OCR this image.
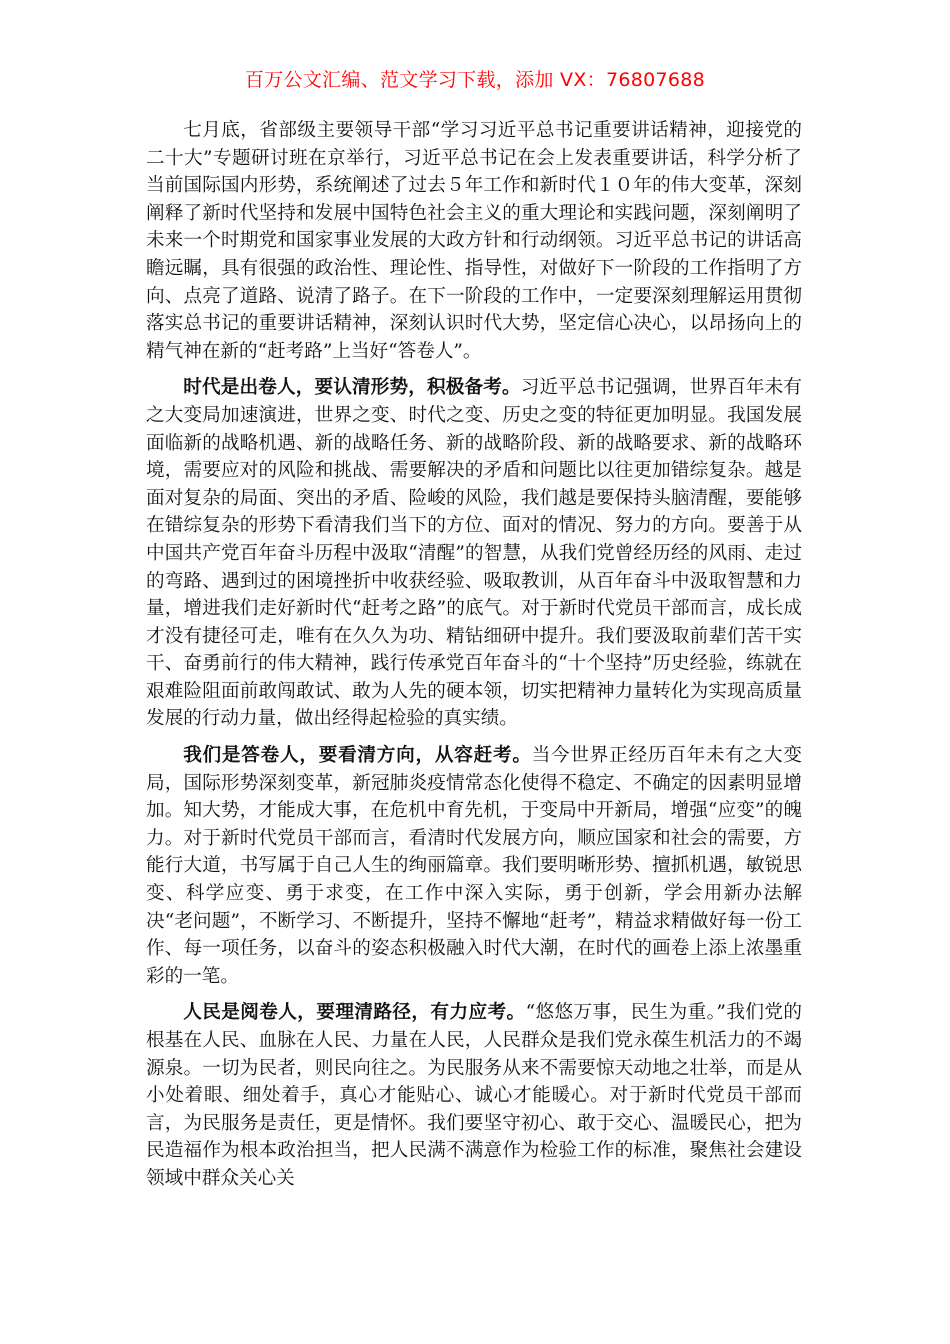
百万公文汇编、范文学习下载，添加 VX：76807688

七月底，省部级主要领导干部“学习习近平总书记重要讲话精神，迎接党的二十大”专题研讨班在京举行，习近平总书记在会上发表重要讲话，科学分析了当前国际国内形势，系统阐述了过去５年工作和新时代１０年的伟大变革，深刻阐释了新时代坚持和发展中国特色社会主义的重大理论和实践问题，深刻阐明了未来一个时期党和国家事业发展的大政方针和行动纲领。习近平总书记的讲话高瞻远瞩，具有很强的政治性、理论性、指导性，对做好下一阶段的工作指明了方向、点亮了道路、说清了路子。在下一阶段的工作中，一定要深刻理解运用贯彻落实总书记的重要讲话精神，深刻认识时代大势，坚定信心决心，以昂扬向上的精气神在新的“赶考路”上当好“答卷人”。

时代是出卷人，要认清形势，积极备考。习近平总书记强调，世界百年未有之大变局加速演进，世界之变、时代之变、历史之变的特征更加明显。我国发展面临新的战略机遇、新的战略任务、新的战略阶段、新的战略要求、新的战略环境，需要应对的风险和挑战、需要解决的矛盾和问题比以往更加错综复杂。越是面对复杂的局面、突出的矛盾、险峻的风险，我们越是要保持头脑清醒，要能够在错综复杂的形势下看清我们当下的方位、面对的情况、努力的方向。要善于从中国共产党百年奋斗历程中汲取“清醒”的智慧，从我们党曾经历经的风雨、走过的弯路、遇到过的困境挫折中收获经验、吸取教训，从百年奋斗中汲取智慧和力量，增进我们走好新时代“赶考之路”的底气。对于新时代党员干部而言，成长成才没有捷径可走，唯有在久久为功、精钻细研中提升。我们要汲取前辈们苦干实干、奋勇前行的伟大精神，践行传承党百年奋斗的“十个坚持”历史经验，练就在艰难险阻面前敢闯敢试、敢为人先的硬本领，切实把精神力量转化为实现高质量发展的行动力量，做出经得起检验的真实绩。

我们是答卷人，要看清方向，从容赶考。当今世界正经历百年未有之大变局，国际形势深刻变革，新冠肺炎疫情常态化使得不稳定、不确定的因素明显增加。知大势，才能成大事，在危机中育先机，于变局中开新局，增强“应变”的魄力。对于新时代党员干部而言，看清时代发展方向，顺应国家和社会的需要，方能行大道，书写属于自己人生的绚丽篇章。我们要明晰形势、擅抓机遇，敏锐思变、科学应变、勇于求变，在工作中深入实际，勇于创新，学会用新办法解决“老问题”，不断学习、不断提升，坚持不懈地“赶考”，精益求精做好每一份工作、每一项任务，以奋斗的姿态积极融入时代大潮，在时代的画卷上添上浓墨重彩的一笔。

人民是阅卷人，要理清路径，有力应考。“悠悠万事，民生为重。”我们党的根基在人民、血脉在人民、力量在人民，人民群众是我们党永葆生机活力的不竭源泉。一切为民者，则民向往之。为民服务从来不需要惊天动地之壮举，而是从小处着眼、细处着手，真心才能贴心、诚心才能暖心。对于新时代党员干部而言，为民服务是责任，更是情怀。我们要坚守初心、敢于交心、温暖民心，把为民造福作为根本政治担当，把人民满不满意作为检验工作的标准，聚焦社会建设领域中群众关心关
